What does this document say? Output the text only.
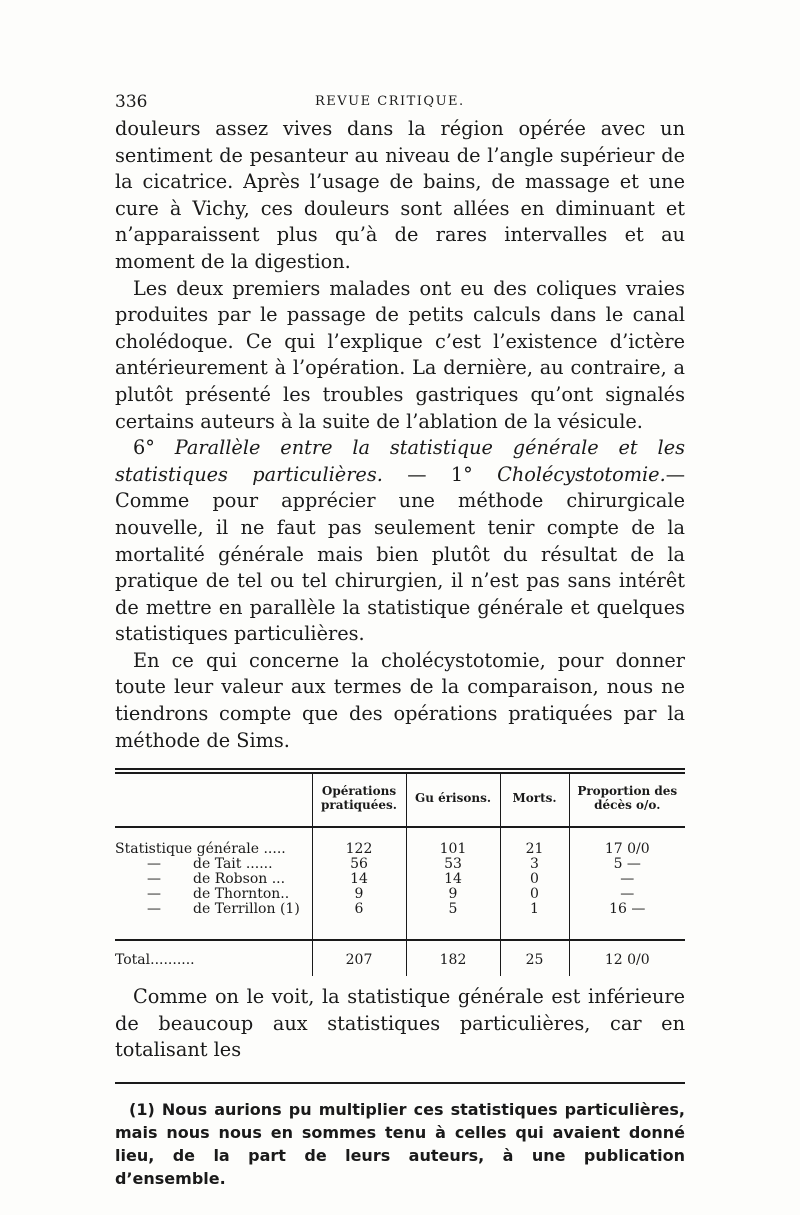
336	REVUE CRITIQUE.

douleurs assez vives dans la région opérée avec un sentiment de pesanteur au niveau de l’angle supérieur de la cicatrice. Après l’usage de bains, de massage et une cure à Vichy, ces douleurs sont allées en diminuant et n’apparaissent plus qu’à de rares intervalles et au moment de la digestion.

Les deux premiers malades ont eu des coliques vraies produites par le passage de petits calculs dans le canal cholédoque. Ce qui l’explique c’est l’existence d’ictère antérieurement à l’opération. La dernière, au contraire, a plutôt présenté les troubles gastriques qu’ont signalés certains auteurs à la suite de l’ablation de la vésicule.

6° Parallèle entre la statistique générale et les statistiques particulières. — 1° Cholécystotomie.— Comme pour apprécier une méthode chirurgicale nouvelle, il ne faut pas seulement tenir compte de la mortalité générale mais bien plutôt du résultat de la pratique de tel ou tel chirurgien, il n’est pas sans intérêt de mettre en parallèle la statistique générale et quelques statistiques particulières.

En ce qui concerne la cholécystotomie, pour donner toute leur valeur aux termes de la comparaison, nous ne tiendrons compte que des opérations pratiquées par la méthode de Sims.

	Opérations pratiquées.	Gu érisons.	Morts.	Proportion des décès o/o.
Statistique générale .....	122	101	21	17 0/0
— de Tait ......	56	53	3	5 —
— de Robson ...	14	14	0	—
— de Thornton..	9	9	0	—
— de Terrillon (1)	6	5	1	16 —
Total..........	207	182	25	12 0/0

Comme on le voit, la statistique générale est inférieure de beaucoup aux statistiques particulières, car en totalisant les

(1) Nous aurions pu multiplier ces statistiques particulières, mais nous nous en sommes tenu à celles qui avaient donné lieu, de la part de leurs auteurs, à une publication d’ensemble.
